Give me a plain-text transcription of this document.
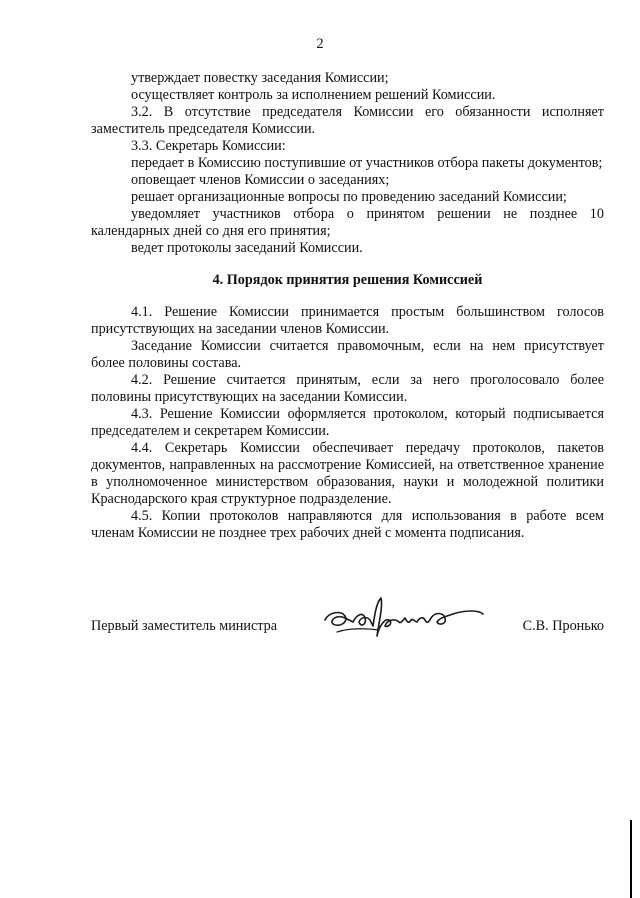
2

утверждает повестку заседания Комиссии;

осуществляет контроль за исполнением решений Комиссии.

3.2. В отсутствие председателя Комиссии его обязанности исполняет заместитель председателя Комиссии.

3.3. Секретарь Комиссии:

передает в Комиссию поступившие от участников отбора пакеты документов;

оповещает членов Комиссии о заседаниях;

решает организационные вопросы по проведению заседаний Комиссии;

уведомляет участников отбора о принятом решении не позднее 10 календарных дней со дня его принятия;

ведет протоколы заседаний Комиссии.

4. Порядок принятия решения Комиссией

4.1. Решение Комиссии принимается простым большинством голосов присутствующих на заседании членов Комиссии.

Заседание Комиссии считается правомочным, если на нем присутствует более половины состава.

4.2. Решение считается принятым, если за него проголосовало более половины присутствующих на заседании Комиссии.

4.3. Решение Комиссии оформляется протоколом, который подписывается председателем и секретарем Комиссии.

4.4. Секретарь Комиссии обеспечивает передачу протоколов, пакетов документов, направленных на рассмотрение Комиссией, на ответственное хранение в уполномоченное министерством образования, науки и молодежной политики Краснодарского края структурное подразделение.

4.5. Копии протоколов направляются для использования в работе всем членам Комиссии не позднее трех рабочих дней с момента подписания.

Первый заместитель министра	С.В. Пронько
